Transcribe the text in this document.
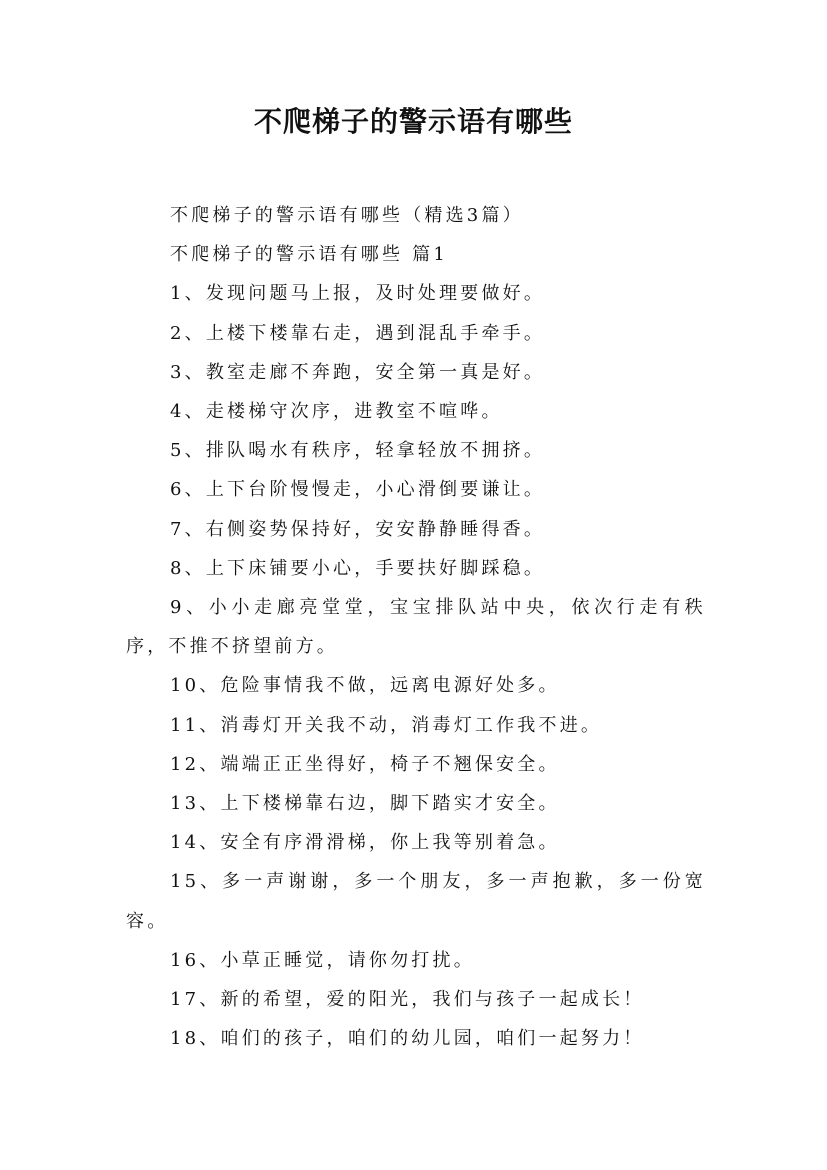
不爬梯子的警示语有哪些

不爬梯子的警示语有哪些（精选3篇）

不爬梯子的警示语有哪些 篇1

1、发现问题马上报，及时处理要做好。

2、上楼下楼靠右走，遇到混乱手牵手。

3、教室走廊不奔跑，安全第一真是好。

4、走楼梯守次序，进教室不喧哗。

5、排队喝水有秩序，轻拿轻放不拥挤。

6、上下台阶慢慢走，小心滑倒要谦让。

7、右侧姿势保持好，安安静静睡得香。

8、上下床铺要小心，手要扶好脚踩稳。

9、小小走廊亮堂堂，宝宝排队站中央，依次行走有秩序，不推不挤望前方。

10、危险事情我不做，远离电源好处多。

11、消毒灯开关我不动，消毒灯工作我不进。

12、端端正正坐得好，椅子不翘保安全。

13、上下楼梯靠右边，脚下踏实才安全。

14、安全有序滑滑梯，你上我等别着急。

15、多一声谢谢，多一个朋友，多一声抱歉，多一份宽容。

16、小草正睡觉，请你勿打扰。

17、新的希望，爱的阳光，我们与孩子一起成长！

18、咱们的孩子，咱们的幼儿园，咱们一起努力！
